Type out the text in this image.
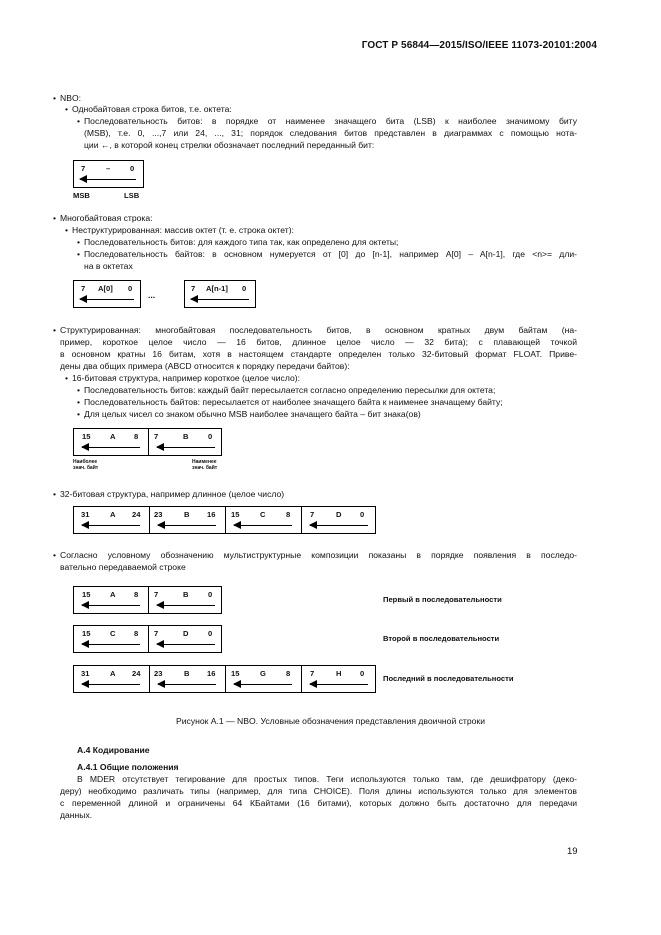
ГОСТ Р 56844—2015/ISO/IEEE 11073-20101:2004
• NBO:
• Однобайтовая строка битов, т.е. октета:
• Последовательность битов: в порядке от наименее значащего бита (LSB) к наиболее значимому биту
(MSB), т.е. 0, ...,7 или 24, ..., 31; порядок следования битов представлен в диаграммах с помощью нота-
ции ←, в которой конец стрелки обозначает последний переданный бит:
7	–	0
MSB	LSB
• Многобайтовая строка:
• Неструктурированная: массив октет (т. е. строка октет):
• Последовательность битов: для каждого типа так, как определено для октеты;
• Последовательность байтов: в основном нумеруется от [0] до [n-1], например A[0] – A[n-1], где <n>= дли-
на в октетах
7 A[0] 0
...
7 A[n-1] 0
• Структурированная: многобайтовая последовательность битов, в основном кратных двум байтам (на-
пример, короткое целое число — 16 битов, длинное целое число — 32 бита); с плавающей точкой
в основном кратны 16 битам, хотя в настоящем стандарте определен только 32-битовый формат FLOAT. Приве-
дены два общих примера (ABCD относится к порядку передачи байтов):
• 16-битовая структура, например короткое (целое число):
• Последовательность битов: каждый байт пересылается согласно определению пересылки для октета;
• Последовательность байтов: пересылается от наиболее значащего байта к наименее значащему байту;
• Для целых чисел со знаком обычно MSB наиболее значащего байта – бит знака(ов)
15	A 8 7	B	0
Наиболее знач. байт
Наименее знач. байт
• 32-битовая структура, например длинное (целое число)
31	A 24 23	B 16 15	C	8	7	D 0
• Согласно условному обозначению мультиструктурные композиции показаны в порядке появления в последо-
вательно передаваемой строке
15	A 8 7	B	0
Первый в последовательности
15	C 8 7	D	0
Второй в последовательности
31	A 24 23	B 16 15	G	8	7	H 0
Последний в последовательности
Рисунок А.1 — NBO. Условные обозначения представления двоичной строки
А.4 Кодирование
А.4.1 Общие положения
В MDER отсутствует тегирование для простых типов. Теги используются только там, где дешифратору (деко-
деру) необходимо различать типы (например, для типа CHOICE). Поля длины используются только для элементов
с переменной длиной и ограничены 64 КБайтами (16 битами), которых должно быть достаточно для передачи
данных.
19
